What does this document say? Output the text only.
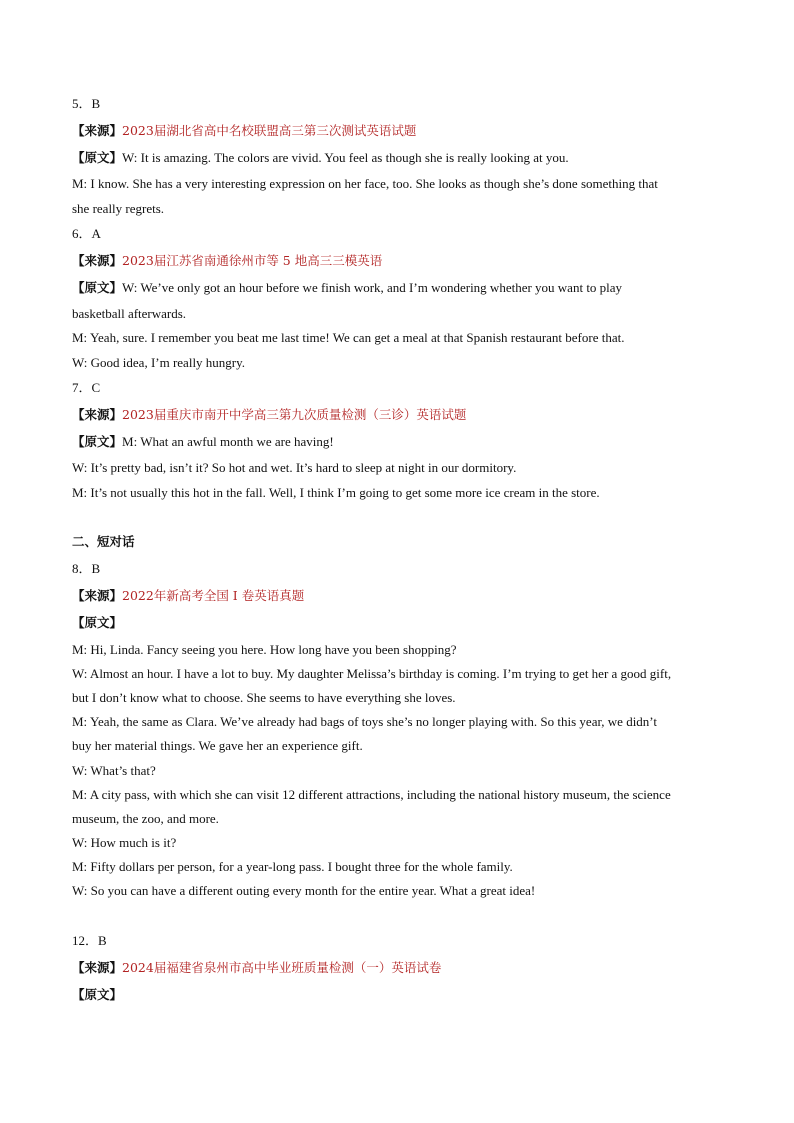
5．B
【来源】2023届湖北省高中名校联盟高三第三次测试英语试题
【原文】W: It is amazing. The colors are vivid. You feel as though she is really looking at you.
M: I know. She has a very interesting expression on her face, too. She looks as though she’s done something that
she really regrets.
6．A
【来源】2023届江苏省南通徐州市等 5 地高三三模英语
【原文】W: We’ve only got an hour before we finish work, and I’m wondering whether you want to play
basketball afterwards.
M: Yeah, sure. I remember you beat me last time! We can get a meal at that Spanish restaurant before that.
W: Good idea, I’m really hungry.
7．C
【来源】2023届重庆市南开中学高三第九次质量检测（三诊）英语试题
【原文】M: What an awful month we are having!
W: It’s pretty bad, isn’t it? So hot and wet. It’s hard to sleep at night in our dormitory.
M: It’s not usually this hot in the fall. Well, I think I’m going to get some more ice cream in the store.
二、短对话
8．B
【来源】2022年新高考全国 I 卷英语真题
【原文】
M: Hi, Linda. Fancy seeing you here. How long have you been shopping?
W: Almost an hour. I have a lot to buy. My daughter Melissa’s birthday is coming. I’m trying to get her a good gift,
but I don’t know what to choose. She seems to have everything she loves.
M: Yeah, the same as Clara. We’ve already had bags of toys she’s no longer playing with. So this year, we didn’t
buy her material things. We gave her an experience gift.
W: What’s that?
M: A city pass, with which she can visit 12 different attractions, including the national history museum, the science
museum, the zoo, and more.
W: How much is it?
M: Fifty dollars per person, for a year-long pass. I bought three for the whole family.
W: So you can have a different outing every month for the entire year. What a great idea!
12．B
【来源】2024届福建省泉州市高中毕业班质量检测（一）英语试卷
【原文】
